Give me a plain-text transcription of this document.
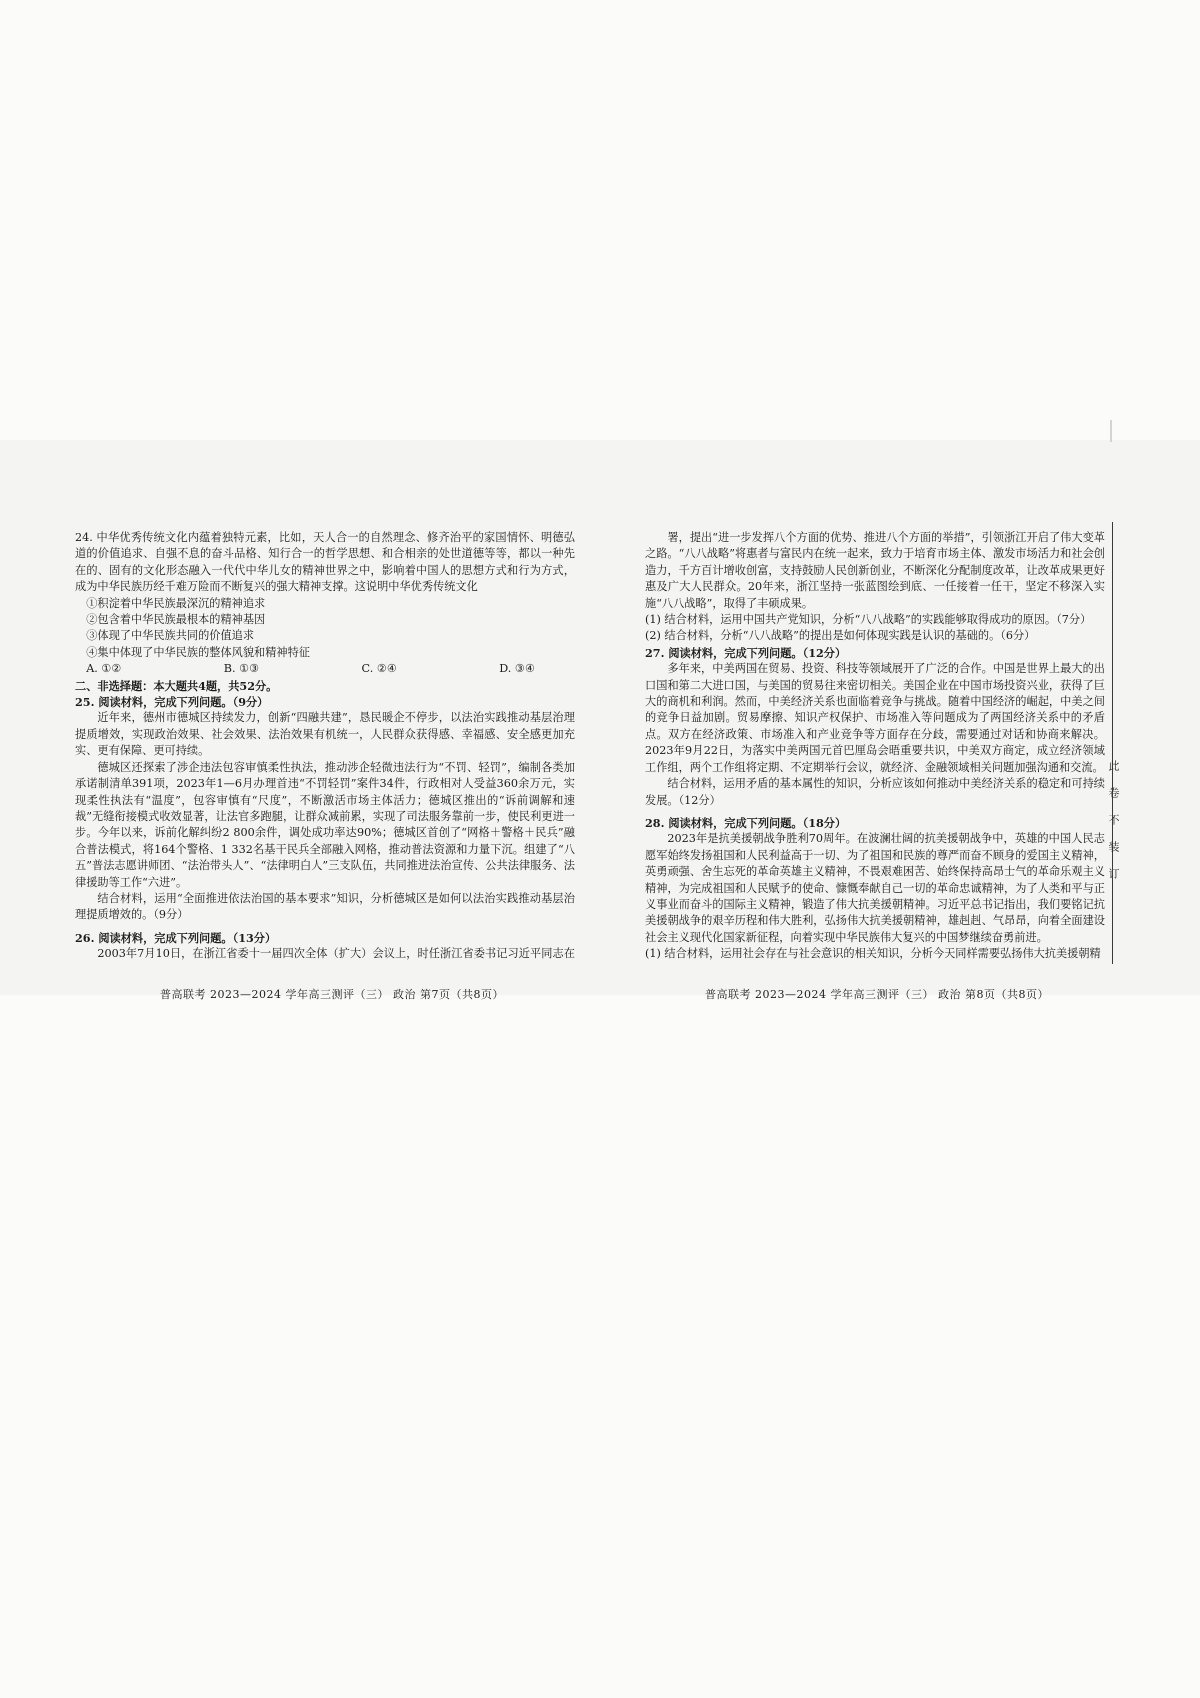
24. 中华优秀传统文化内蕴着独特元素，比如，天人合一的自然理念、修齐治平的家国情怀、明德弘道的价值追求、自强不息的奋斗品格、知行合一的哲学思想、和合相亲的处世道德等等，都以一种先在的、固有的文化形态融入一代代中华儿女的精神世界之中，影响着中国人的思想方式和行为方式，成为中华民族历经千难万险而不断复兴的强大精神支撑。这说明中华优秀传统文化

①积淀着中华民族最深沉的精神追求

②包含着中华民族最根本的精神基因

③体现了中华民族共同的价值追求

④集中体现了中华民族的整体风貌和精神特征

A. ①②	B. ①③	C. ②④	D. ③④

二、非选择题：本大题共4题，共52分。

25. 阅读材料，完成下列问题。（9分）

近年来，德州市德城区持续发力，创新“四融共建”，恳民暖企不停步，以法治实践推动基层治理提质增效，实现政治效果、社会效果、法治效果有机统一，人民群众获得感、幸福感、安全感更加充实、更有保障、更可持续。

德城区还探索了涉企违法包容审慎柔性执法，推动涉企轻微违法行为“不罚、轻罚”，编制各类加承诺制清单391项，2023年1—6月办理首违“不罚轻罚”案件34件，行政相对人受益360余万元，实现柔性执法有“温度”，包容审慎有“尺度”，不断激活市场主体活力；德城区推出的“诉前调解和速裁”无缝衔接模式收效显著，让法官多跑腿，让群众减前累，实现了司法服务靠前一步，使民利更进一步。今年以来，诉前化解纠纷2 800余件，调处成功率达90%；德城区首创了“网格＋警格＋民兵”融合普法模式，将164个警格、1 332名基干民兵全部融入网格，推动普法资源和力量下沉。组建了“八五”普法志愿讲师团、“法治带头人”、“法律明白人”三支队伍，共同推进法治宣传、公共法律服务、法律援助等工作“六进”。

结合材料，运用“全面推进依法治国的基本要求”知识，分析德城区是如何以法治实践推动基层治理提质增效的。（9分）

26. 阅读材料，完成下列问题。（13分）

2003年7月10日，在浙江省委十一届四次全体（扩大）会议上，时任浙江省委书记习近平同志在

普高联考 2023—2024 学年高三测评（三） 政治 第7页（共8页）

署，提出“进一步发挥八个方面的优势、推进八个方面的举措”，引领浙江开启了伟大变革之路。“八八战略”将惠者与富民内在统一起来，致力于培育市场主体、激发市场活力和社会创造力，千方百计增收创富，支持鼓励人民创新创业，不断深化分配制度改革，让改革成果更好惠及广大人民群众。20年来，浙江坚持一张蓝图绘到底、一任接着一任干，坚定不移深入实施“八八战略”，取得了丰硕成果。

(1) 结合材料，运用中国共产党知识，分析“八八战略”的实践能够取得成功的原因。（7分）

(2) 结合材料，分析“八八战略”的提出是如何体现实践是认识的基础的。（6分）

27. 阅读材料，完成下列问题。（12分）

多年来，中美两国在贸易、投资、科技等领域展开了广泛的合作。中国是世界上最大的出口国和第二大进口国，与美国的贸易往来密切相关。美国企业在中国市场投资兴业，获得了巨大的商机和利润。然而，中美经济关系也面临着竞争与挑战。随着中国经济的崛起，中美之间的竞争日益加剧。贸易摩擦、知识产权保护、市场准入等问题成为了两国经济关系中的矛盾点。双方在经济政策、市场准入和产业竞争等方面存在分歧，需要通过对话和协商来解决。2023年9月22日，为落实中美两国元首巴厘岛会晤重要共识，中美双方商定，成立经济领域工作组，两个工作组将定期、不定期举行会议，就经济、金融领域相关问题加强沟通和交流。

结合材料，运用矛盾的基本属性的知识，分析应该如何推动中美经济关系的稳定和可持续发展。（12分）

28. 阅读材料，完成下列问题。（18分）

2023年是抗美援朝战争胜利70周年。在波澜壮阔的抗美援朝战争中，英雄的中国人民志愿军始终发扬祖国和人民利益高于一切、为了祖国和民族的尊严而奋不顾身的爱国主义精神，英勇顽强、舍生忘死的革命英雄主义精神，不畏艰难困苦、始终保持高昂士气的革命乐观主义精神，为完成祖国和人民赋予的使命、慷慨奉献自己一切的革命忠诚精神，为了人类和平与正义事业而奋斗的国际主义精神，锻造了伟大抗美援朝精神。习近平总书记指出，我们要铭记抗美援朝战争的艰辛历程和伟大胜利，弘扬伟大抗美援朝精神，雄赳赳、气昂昂，向着全面建设社会主义现代化国家新征程，向着实现中华民族伟大复兴的中国梦继续奋勇前进。

(1) 结合材料，运用社会存在与社会意识的相关知识，分析今天同样需要弘扬伟大抗美援朝精

普高联考 2023—2024 学年高三测评（三） 政治 第8页（共8页）
